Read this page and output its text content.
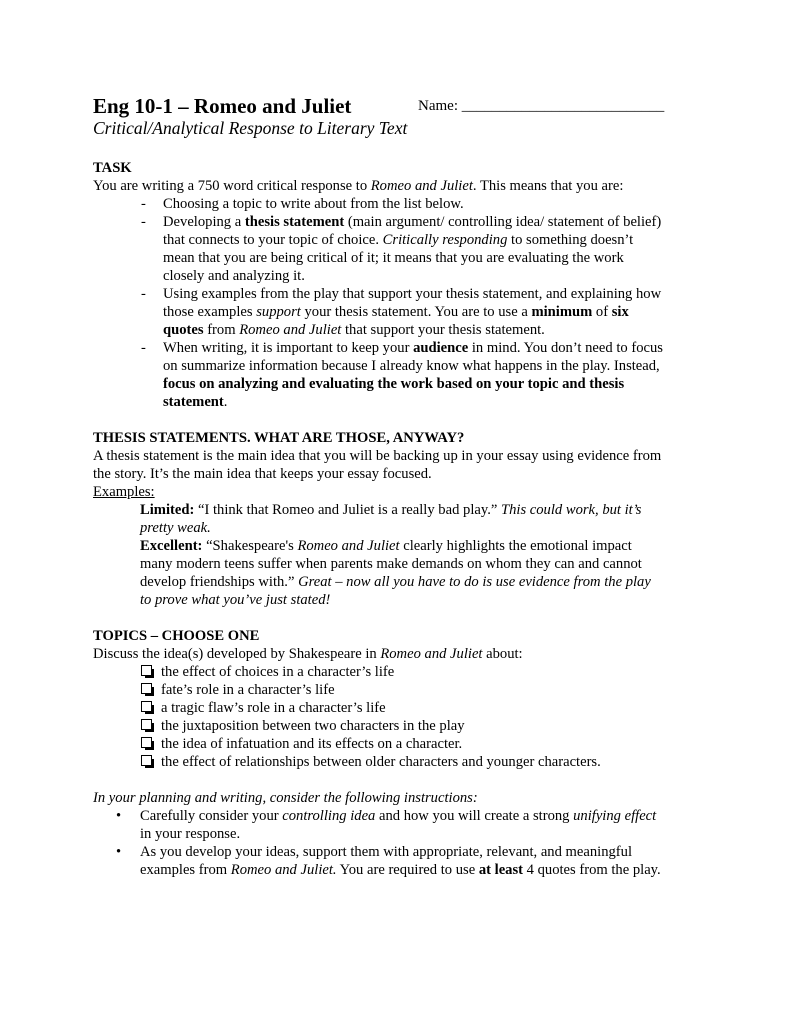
Eng 10-1 – Romeo and Juliet	Name: ___________________________
Critical/Analytical Response to Literary Text
TASK
You are writing a 750 word critical response to Romeo and Juliet. This means that you are:
- Choosing a topic to write about from the list below.
- Developing a thesis statement (main argument/ controlling idea/ statement of belief)
that connects to your topic of choice. Critically responding to something doesn’t
mean that you are being critical of it; it means that you are evaluating the work
closely and analyzing it.
- Using examples from the play that support your thesis statement, and explaining how
those examples support your thesis statement. You are to use a minimum of six
quotes from Romeo and Juliet that support your thesis statement.
- When writing, it is important to keep your audience in mind. You don’t need to focus
on summarize information because I already know what happens in the play. Instead,
focus on analyzing and evaluating the work based on your topic and thesis
statement.
THESIS STATEMENTS. WHAT ARE THOSE, ANYWAY?
A thesis statement is the main idea that you will be backing up in your essay using evidence from
the story. It’s the main idea that keeps your essay focused.
Examples:
Limited: “I think that Romeo and Juliet is a really bad play.” This could work, but it’s
pretty weak.
Excellent: “Shakespeare's Romeo and Juliet clearly highlights the emotional impact
many modern teens suffer when parents make demands on whom they can and cannot
develop friendships with.” Great – now all you have to do is use evidence from the play
to prove what you’ve just stated!
TOPICS – CHOOSE ONE
Discuss the idea(s) developed by Shakespeare in Romeo and Juliet about:
the effect of choices in a character’s life
fate’s role in a character’s life
a tragic flaw’s role in a character’s life
the juxtaposition between two characters in the play
the idea of infatuation and its effects on a character.
the effect of relationships between older characters and younger characters.
In your planning and writing, consider the following instructions:
• Carefully consider your controlling idea and how you will create a strong unifying effect
in your response.
• As you develop your ideas, support them with appropriate, relevant, and meaningful
examples from Romeo and Juliet. You are required to use at least 4 quotes from the play.
